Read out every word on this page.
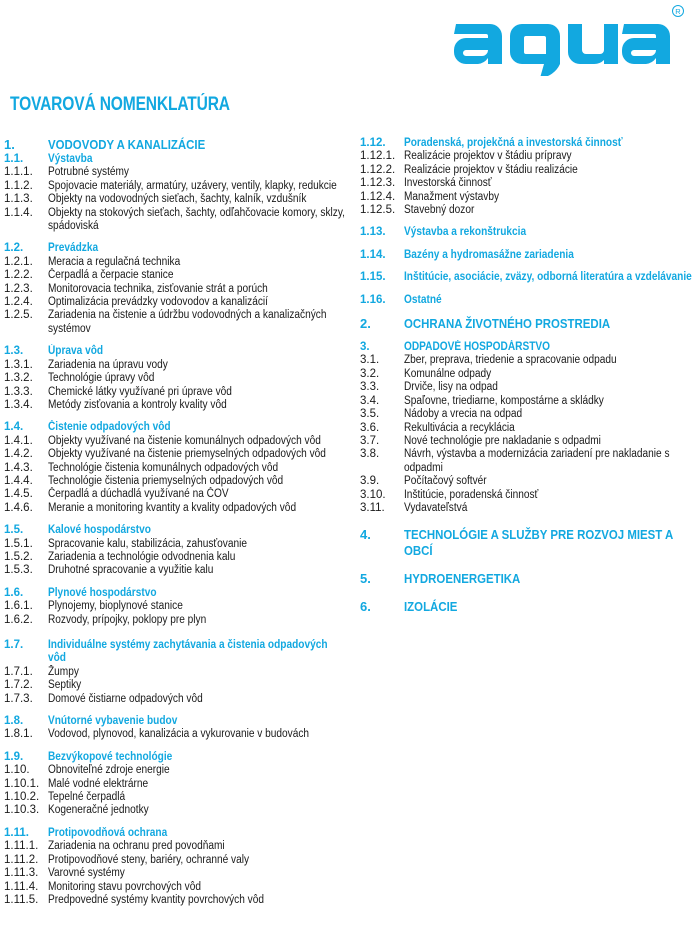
R
TOVAROVÁ NOMENKLATÚRA
1.	VODOVODY A KANALIZÁCIE
1.1.	Výstavba
1.1.1.	Potrubné systémy
1.1.2.	Spojovacie materiály, armatúry, uzávery, ventily, klapky, redukcie
1.1.3.	Objekty na vodovodných sieťach, šachty, kalník, vzdušník
1.1.4.	Objekty na stokových sieťach, šachty, odľahčovacie komory, sklzy, spádoviská
1.2.	Prevádzka
1.2.1.	Meracia a regulačná technika
1.2.2.	Čerpadlá a čerpacie stanice
1.2.3.	Monitorovacia technika, zisťovanie strát a porúch
1.2.4.	Optimalizácia prevádzky vodovodov a kanalizácií
1.2.5.	Zariadenia na čistenie a údržbu vodovodných a kanalizačných systémov
1.3.	Úprava vôd
1.3.1.	Zariadenia na úpravu vody
1.3.2.	Technológie úpravy vôd
1.3.3.	Chemické látky využívané pri úprave vôd
1.3.4.	Metódy zisťovania a kontroly kvality vôd
1.4.	Čistenie odpadových vôd
1.4.1.	Objekty využívané na čistenie komunálnych odpadových vôd
1.4.2.	Objekty využívané na čistenie priemyselných odpadových vôd
1.4.3.	Technológie čistenia komunálnych odpadových vôd
1.4.4.	Technológie čistenia priemyselných odpadových vôd
1.4.5.	Čerpadlá a dúchadlá využívané na ČOV
1.4.6.	Meranie a monitoring kvantity a kvality odpadových vôd
1.5.	Kalové hospodárstvo
1.5.1.	Spracovanie kalu, stabilizácia, zahusťovanie
1.5.2.	Zariadenia a technológie odvodnenia kalu
1.5.3.	Druhotné spracovanie a využitie kalu
1.6.	Plynové hospodárstvo
1.6.1.	Plynojemy, bioplynové stanice
1.6.2.	Rozvody, prípojky, poklopy pre plyn
1.7.	Individuálne systémy zachytávania a čistenia odpadových vôd
1.7.1.	Žumpy
1.7.2.	Septiky
1.7.3.	Domové čistiarne odpadových vôd
1.8.	Vnútorné vybavenie budov
1.8.1.	Vodovod, plynovod, kanalizácia a vykurovanie v budovách
1.9.	Bezvýkopové technológie
1.10.	Obnoviteľné zdroje energie
1.10.1. Malé vodné elektrárne
1.10.2. Tepelné čerpadlá
1.10.3. Kogeneračné jednotky
1.11.	Protipovodňová ochrana
1.11.1. Zariadenia na ochranu pred povodňami
1.11.2. Protipovodňové steny, bariéry, ochranné valy
1.11.3. Varovné systémy
1.11.4. Monitoring stavu povrchových vôd
1.11.5. Predpovedné systémy kvantity povrchových vôd
1.12.	Poradenská, projekčná a investorská činnosť
1.12.1. Realizácie projektov v štádiu prípravy
1.12.2. Realizácie projektov v štádiu realizácie
1.12.3. Investorská činnosť
1.12.4. Manažment výstavby
1.12.5. Stavebný dozor
1.13.	Výstavba a rekonštrukcia
1.14.	Bazény a hydromasážne zariadenia
1.15.	Inštitúcie, asociácie, zväzy, odborná literatúra a vzdelávanie
1.16.	Ostatné
2.	OCHRANA ŽIVOTNÉHO PROSTREDIA
3.	ODPADOVÉ HOSPODÁRSTVO
3.1.	Zber, preprava, triedenie a spracovanie odpadu
3.2.	Komunálne odpady
3.3.	Drviče, lisy na odpad
3.4.	Spaľovne, triediarne, kompostárne a skládky
3.5.	Nádoby a vrecia na odpad
3.6.	Rekultivácia a recyklácia
3.7.	Nové technológie pre nakladanie s odpadmi
3.8.	Návrh, výstavba a modernizácia zariadení pre nakladanie s odpadmi
3.9.	Počítačový softvér
3.10.	Inštitúcie, poradenská činnosť
3.11.	Vydavateľstvá
4.	TECHNOLÓGIE A SLUŽBY PRE ROZVOJ MIEST A OBCÍ
5.	HYDROENERGETIKA
6.	IZOLÁCIE
